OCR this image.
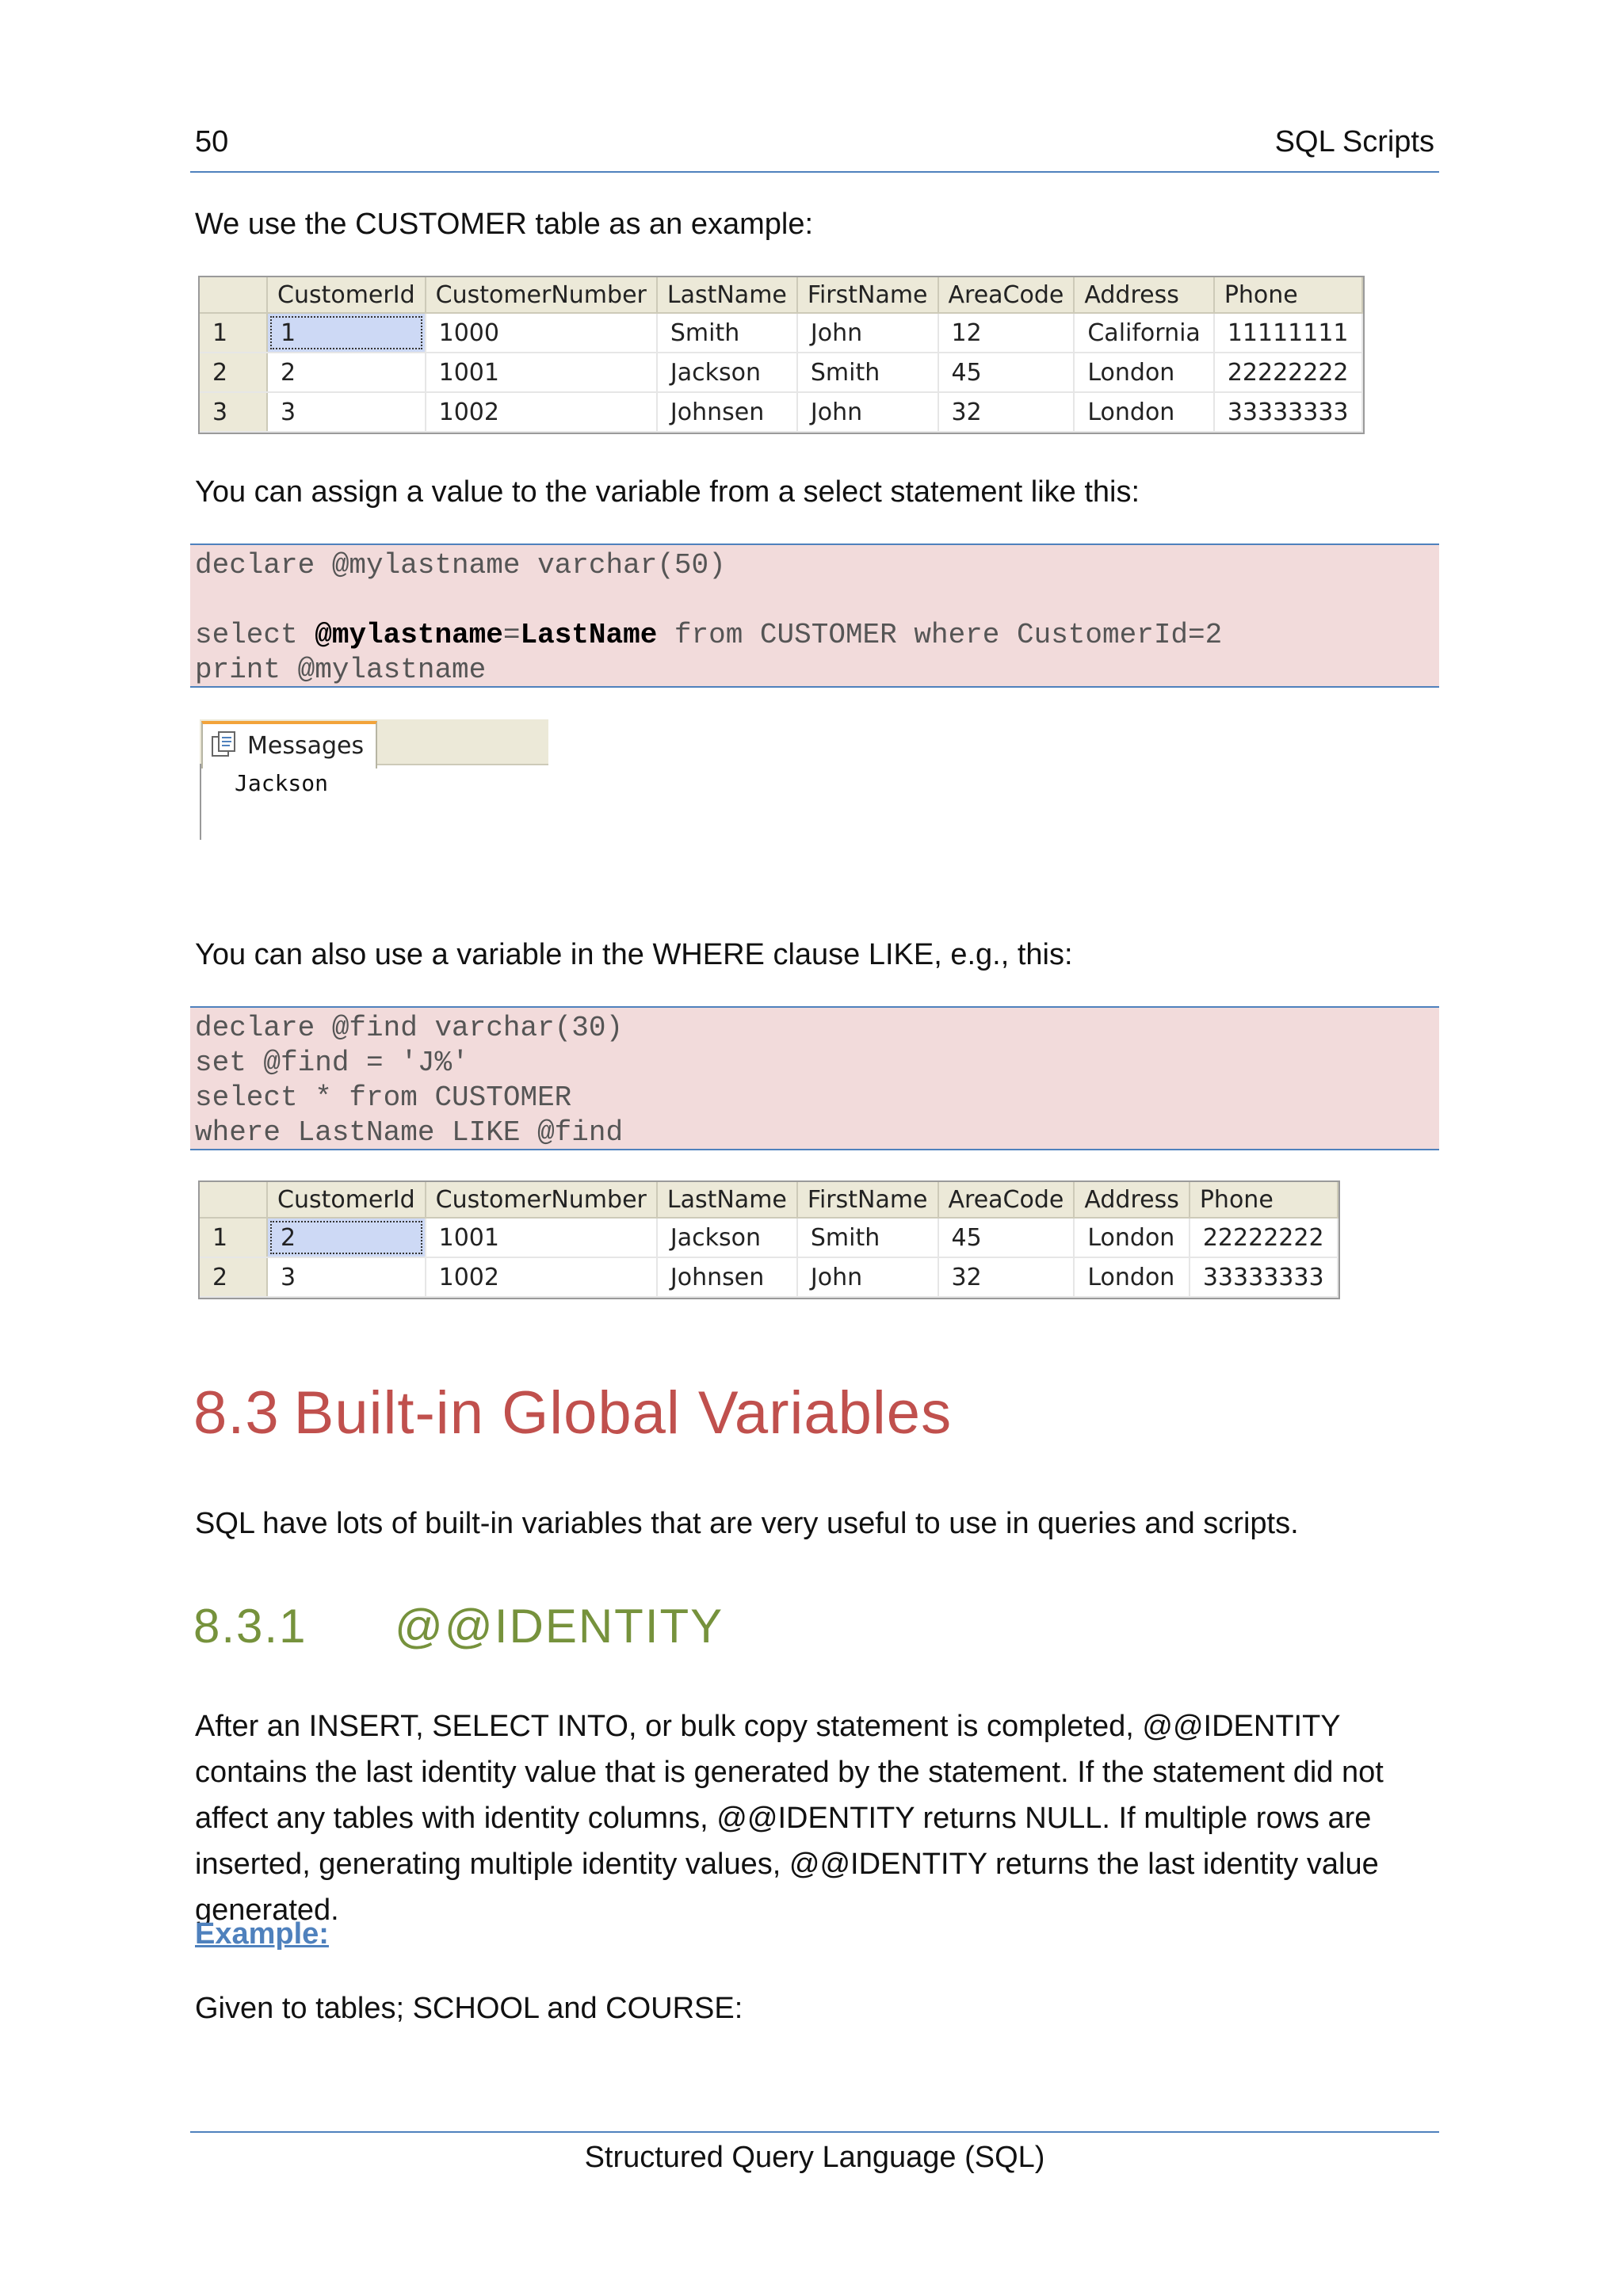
50	SQL Scripts
We use the CUSTOMER table as an example:
	CustomerId	CustomerNumber	LastName	FirstName	AreaCode	Address	Phone
1	1	1000	Smith	John	12	California	11111111
2	2	1001	Jackson	Smith	45	London	22222222
3	3	1002	Johnsen	John	32	London	33333333
You can assign a value to the variable from a select statement like this:
declare @mylastname varchar(50)

select @mylastname=LastName from CUSTOMER where CustomerId=2
print @mylastname
Messages
Jackson
You can also use a variable in the WHERE clause LIKE, e.g., this:
declare @find varchar(30)
set @find = 'J%'
select * from CUSTOMER
where LastName LIKE @find
	CustomerId	CustomerNumber	LastName	FirstName	AreaCode	Address	Phone
1	2	1001	Jackson	Smith	45	London	22222222
2	3	1002	Johnsen	John	32	London	33333333
8.3 Built-in Global Variables
SQL have lots of built-in variables that are very useful to use in queries and scripts.
8.3.1 @@IDENTITY
After an INSERT, SELECT INTO, or bulk copy statement is completed, @@IDENTITY contains the last identity value that is generated by the statement. If the statement did not affect any tables with identity columns, @@IDENTITY returns NULL. If multiple rows are inserted, generating multiple identity values, @@IDENTITY returns the last identity value generated.
Example:
Given to tables; SCHOOL and COURSE:
Structured Query Language (SQL)
